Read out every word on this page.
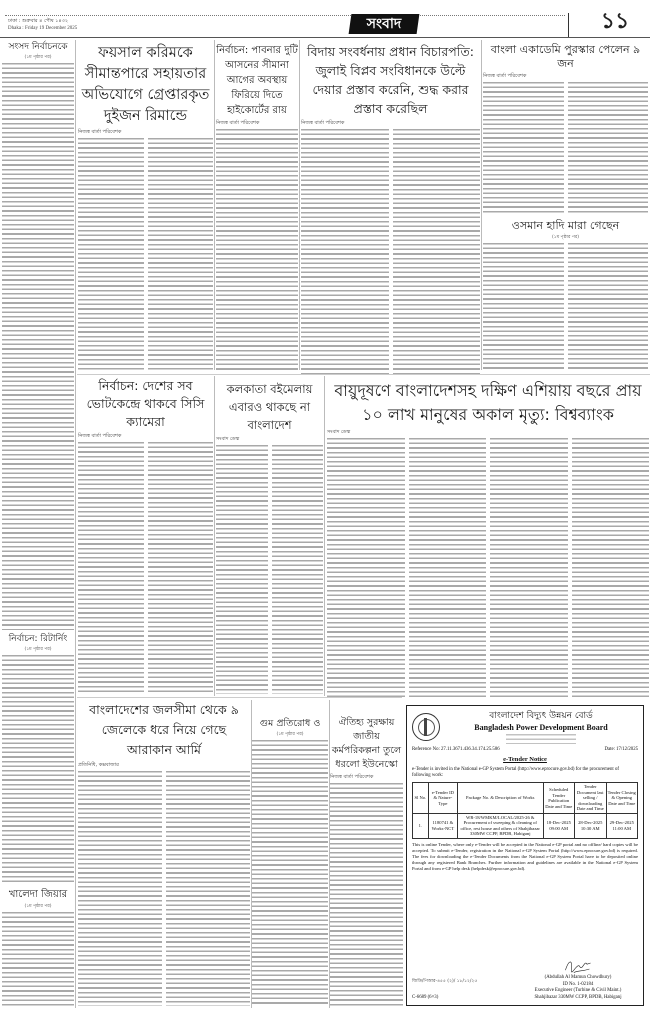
ঢাকা : শুক্রবার ৪ পৌষ ১৪৩২
Dhaka : Friday 19 December 2025	সংবাদ	১১
সংসদ নির্বাচনকে
(১ম পৃষ্ঠার পর)
নির্বাচন: রিটার্নিং
(১ম পৃষ্ঠার পর)
খালেদা জিয়ার
(১ম পৃষ্ঠার পর)
ফয়সাল করিমকে সীমান্তপারে সহায়তার অভিযোগে গ্রেপ্তারকৃত দুইজন রিমান্ডে
নিজস্ব বার্তা পরিবেশক
নির্বাচন: পাবনার দুটি আসনের সীমানা আগের অবস্থায় ফিরিয়ে দিতে হাইকোর্টের রায়
নিজস্ব বার্তা পরিবেশক
বিদায় সংবর্ধনায় প্রধান বিচারপতি: জুলাই বিপ্লব সংবিধানকে উল্টে দেয়ার প্রস্তাব করেনি, শুদ্ধ করার প্রস্তাব করেছিল
নিজস্ব বার্তা পরিবেশক
বাংলা একাডেমি পুরস্কার পেলেন ৯ জন
নিজস্ব বার্তা পরিবেশক
ওসমান হাদি মারা গেছেন
(১ম পৃষ্ঠার পর)
নির্বাচন: দেশের সব ভোটকেন্দ্রে থাকবে সিসি ক্যামেরা
নিজস্ব বার্তা পরিবেশক
কলকাতা বইমেলায় এবারও থাকছে না বাংলাদেশ
সংবাদ ডেস্ক
বায়ুদূষণে বাংলাদেশসহ দক্ষিণ এশিয়ায় বছরে প্রায় ১০ লাখ মানুষের অকাল মৃত্যু: বিশ্বব্যাংক
সংবাদ ডেস্ক
বাংলাদেশের জলসীমা থেকে ৯ জেলেকে ধরে নিয়ে গেছে আরাকান আর্মি
প্রতিনিধি, কক্সবাজার
গুম প্রতিরোধ ও
(১ম পৃষ্ঠার পর)
ঐতিহ্য সুরক্ষায় জাতীয় কর্মপরিকল্পনা তুলে ধরলো ইউনেস্কো
নিজস্ব বার্তা পরিবেশক
বাংলাদেশ বিদ্যুৎ উন্নয়ন বোর্ড
Bangladesh Power Development Board
Reference No: 27.11.3671.436.34.174.25.586	Date: 17/12/2025
e-Tender Notice
e-Tender is invited in the National e-GP System Portal (http://www.eprocure.gov.bd) for the procurement of following work:
Sl No.	e-Tender ID & Nature-Type	Package No. & Description of Works	Scheduled Tender Publication Date and Time	Tender Document last selling / downloading Date and Time	Tender Closing & Opening Date and Time
1.	1180741 & Works-NCT	WR-18/WMKM/LOCAL/2025-26 & Procurement of sweeping & cleaning of office, rest house and others of Shahjibazar 330MW CCPP, BPDB, Habiganj	18-Dec-2025 09:00 AM	28-Dec-2025 10:30 AM	29-Dec-2025 11:00 AM
This is online Tender, where only e-Tender will be accepted in the National e-GP portal and no offline/ hard copies will be accepted. To submit e-Tender, registration in the National e-GP System Portal (http://www.eprocure.gov.bd) is required. The fees for downloading the e-Tender Documents from the National e-GP System Portal have to be deposited online through any registered Bank Branches. Further information and guidelines are available in the National e-GP System Portal and from e-GP help desk (helpdesk@eprocure.gov.bd).
জিডি/পিআর-৪৫৫ (২)/ ১৮/১২/২৫
C-6689 (6×3)
(Abdullah Al Mamun Chowdhury)
ID No. 1-02184
Executive Engineer (Turbine & Civil Maint.)
Shahjibazar 330MW CCPP, BPDB, Habiganj
